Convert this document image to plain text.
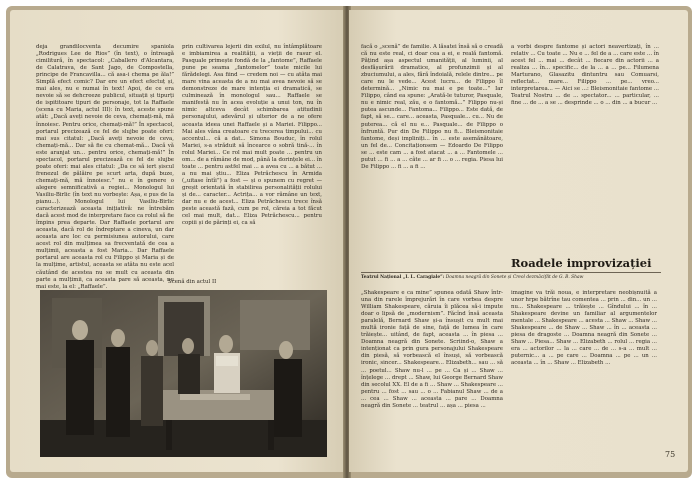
deja grandilocventa decumire spaniola „Rodrigues Lee de Rios” (în text), o întreagă cimilitură, în spectacol: „Caballero d'Alcantara, de Calatrava, de Sant Jago, de Compostella, principe de Francavilla... că asa-i chema pe ăla!” Simplă efect comic? Dar ere un efect efectuț și, mai ales, nu e numai în text! Apoi, de ce era nevoie să se dehcreeze publicul, situații și tipurți de ispititoare tipuri de personaje, tot la Raffaele (scena cu Maria, actul III): în text, aceste spune atât: „Dacă aveți nevoie de ceva, chemați-mă, mă înnoiesc. Pentru orice, chemați-mă!” În spectacol, portarul precizează ce fel de slujbe poate oferi: mai sus citatul: „Dacă aveți nevoie de ceva, chemați-mă... Dar să fie cu chemat-mă... Dacă vă este aranjat un... pentru orice, chemați-mă!” În spectacol, portarul precizează ce fel de slujbe poate oferi: mai ales citatul: „Da ce să iert șiscul frenezul de pălăire pe scurt arta, după buze, chemați-mă, mă înnoiesc.” nu e în genere o alegere semnificativă a regiei... Monologul lui Vasiliu-Birlic (în text nu vorbește: Așa, e pus de la pianu...). Monologul lui Vasiliu-Birlic caracterizează aceasta inițiativă: ne întrebăm dacă acest mod de interpretare face ca rolul să fie împins prea departe. Dar Raffaele portarul are aceasta, dacă rol de îndreptare a cineva, un dar aceasta are loc cu permisiunea autorului, care acest rol din mulțimea sa frecventată de cea a mulțimii, aceasta a fost Maria... Dar Raffaele portarul are aceasta rol cu Filippo și Maria și de la mulțime, artistul, aceasta se atâta nu este acel căutând de acestea nu se mult cu aceasta din parte a mulțimii, ca aceasta pare să aceasta, nu mai este, la el: „Raffaele”.
prin cultivarea lejerii din exilul, nu întâmplătoare e imbiamirea a realității, a vieții de rasur el. Pasquale primește fondă de la „fantome”, Raffaele pune pe seama „fantomelor” toate micile lui fărădelegi. Asa fiind — credem noi — cu atâta mai mare vina aceasta de a nu mai avea nevoie să se demonstreze de mare intenția ei dramatică, se culminează în monologul sau... Raffaele se manifestă nu în acea evoluție a unui ton, nu în nimic altceva decât schimbarea atitudinii personajului, adevărul și ulterior de a ne ofere aceasta ideea unei Raffaele și a Mariei. Filippo... Mai ales vâna creatoare cu trecerea timpului... cu accentul... că a dat... Simona Bouduc, în rolul Mariei, s-a străduit să încearce o sobră tină-... în rolul Mariei... Ce rol mai mult poate ... pentru un om... de a rămâne de mod, până la dorințele ei... în toate ... pentru astfel mai ... a avea cu ... a bătut ... a nu mai știu... Eliza Petrăchescu în Armida („uitase întîi”) a fost — și o spunem cu regret — greșit orientată în stabilirea personalității rolului și de... caracter... Actrița... a vor rămâne un text, dar nu e de acest... Eliza Petrăchescu trece însă peste această fază, cum pe rol, căreia a tot făcut cel mai mult, dat... Eliza Petrăchescu... pentru copiii și de părinți ei, ca să
Scenă din actul II
facă o „scenă” de familie. A lăsatei însă să o creadă că nu este real, ci doar cea a ei, e reală fantomă. Pățind așa aspectul umanității, al luminii, al desfășurării dramatice, al profunzimii și al zbuciumului, a ales, fără îndoială, relele dintre... pe care nu le vede... Acest lucru... de Filippo îl determină... „Nimic nu mai e pe toate...” Iar Filippo, când ea spune: „Arată-le tuturor, Pasquale, nu e nimic real, zău, e o fantomă...” Filippo nu-și putea ascunde... Fantoma... Filippo... Este dată, de fapt, să se... care... aceasta, Pasquale... cu... Nu de puterea... că el nu e... Pasquale... de Filippo o înfruntă. Pur din De Filippo nu fi... Bleismonitaie fantome, deși impliniți... în ... este asemănătoare, un fel de... Concitaționsem — Edoardo De Filippo se ... este cam ... a fost atacat ... a ... Fantomele ... putut ... fi ... a ... câte ... ar fi ... o ... regia. Piesa lui De Filippo ... fi ... a fi ...
a vorbi despre fantome și actori neavertizați, în ... relativ ... Cu toate ... Nu e ... fel de a ... care este ... în acest fel ... mai ... decât ... fiecare din actorii ... a realiza ... în... specific... de la ... a ... pe... Filumena Marturano, Glasazitu dintuntru sau Comuarsi, reflectat... mare... Filippo ... pe... vreo... interpretarea... — Aici se ...: Bleismonitaie fantome ... Teatrul Nostru ... de ... spectator... ... particular, ... fine ... de ... a se ... desprinde ... o ... din ... a bucur ...
Roadele improvizației
Teatrul Național „I. L. Caragiale”: Doamna neagră din Sonete și Creol dezmăciflit de G. B. Shaw
„Shakespeare e ca mine” spunea odată Shaw într-una din rarele împrejurări în care vorbea despre William Shakespeare, căruia îi plăcea să-i impute doar o lipsă de „modernism”. Făcînd însă aceasta paralelă, Bernard Shaw și-a însușit cu mult mai multă ironie față de sine, față de lumea în care trăiește... uitând, de fapt, aceasta ... în piesa ... Doamna neagră din Sonete. Scriind-o, Shaw a intenționat ca prin gura personajului Shakespeare din piesă, să vorbească el însuși, să vorbească ironic, sincer... Shakespeare... Elizabeth... sau ... să ... poetul... Shaw nu-l ... pe ... Ca și ... Shaw ... înțelege ... drept ... Shaw, lui George Bernard Shaw din secolul XX. El de a fi ... Shaw ... Shakespeare ... pentru ... fost ... sau ... o ... Fabianul Shaw ... de a ... cea ... Shaw ... aceasta ... pare ... Doamna neagră din Sonete ... teatrul ... așa ... piesa ...
imagine va trăi noua, e interpretare neobișnuită a unor hrpe bătrîne tau comentea ... prin ... din... un ... nu... Shakespeare ... trăiește ... Gîndului ... în ... Shakespeare devine un familiar al argumentelor mentale ... Shakespeare ... acesta ... Shaw ... Shaw ... Shakespeare ... de Shaw ... Shaw ... în ... aceasta ... piesa de dragoste ... Doamna neagră din Sonete ... Shaw ... Piesa... Shaw ... Elizabeth ... rolul ... regia ... era ... actorilor ... la ... care ... de ... s-a ... mult ... puternic... a ... pe care ... Doamna ... pe ... un ... aceasta ... în ... Shaw ... Elizabeth ...
75
